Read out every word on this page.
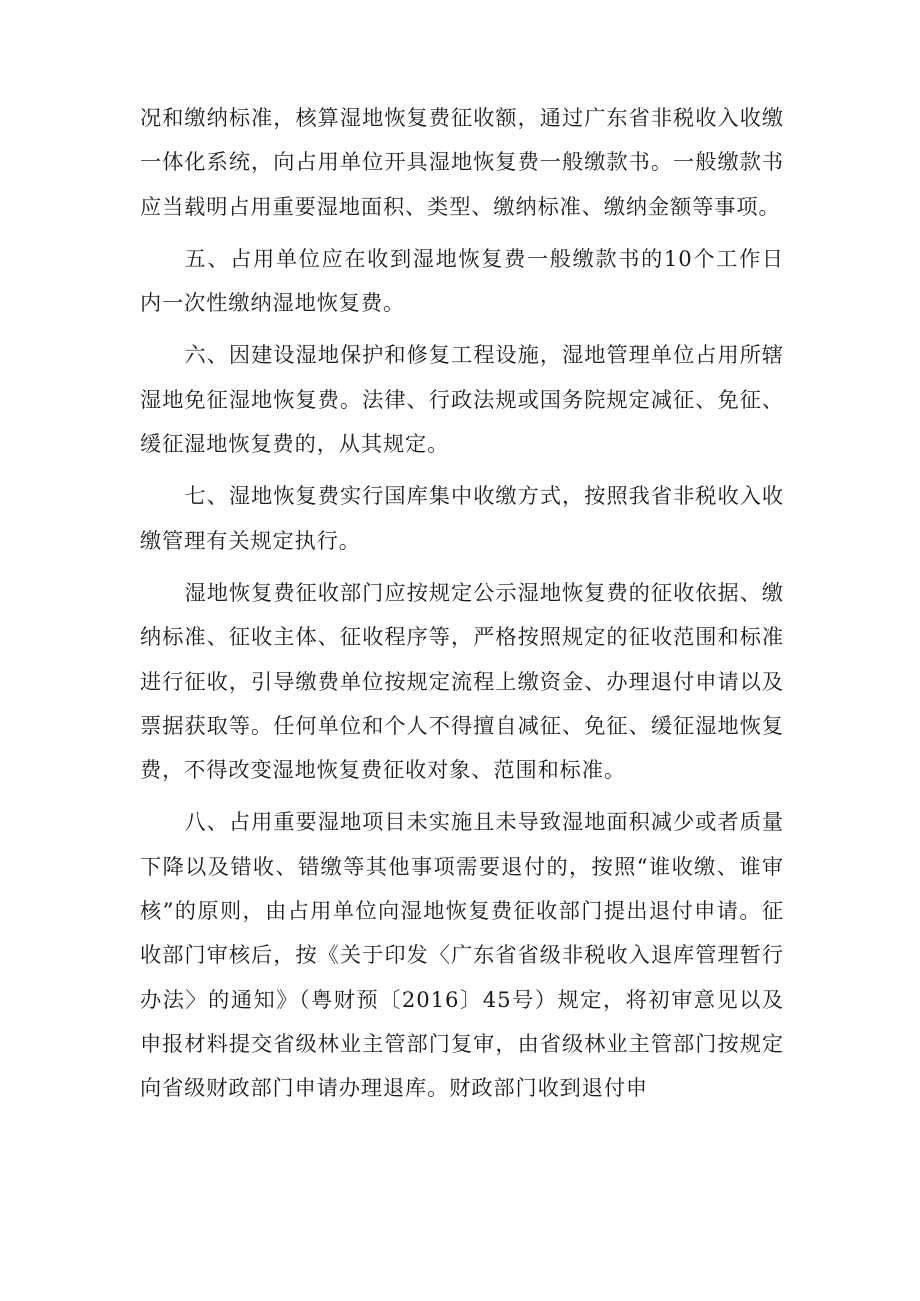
况和缴纳标准，核算湿地恢复费征收额，通过广东省非税收入收缴一体化系统，向占用单位开具湿地恢复费一般缴款书。一般缴款书应当载明占用重要湿地面积、类型、缴纳标准、缴纳金额等事项。

五、占用单位应在收到湿地恢复费一般缴款书的10个工作日内一次性缴纳湿地恢复费。

六、因建设湿地保护和修复工程设施，湿地管理单位占用所辖湿地免征湿地恢复费。法律、行政法规或国务院规定减征、免征、缓征湿地恢复费的，从其规定。

七、湿地恢复费实行国库集中收缴方式，按照我省非税收入收缴管理有关规定执行。

湿地恢复费征收部门应按规定公示湿地恢复费的征收依据、缴纳标准、征收主体、征收程序等，严格按照规定的征收范围和标准进行征收，引导缴费单位按规定流程上缴资金、办理退付申请以及票据获取等。任何单位和个人不得擅自减征、免征、缓征湿地恢复费，不得改变湿地恢复费征收对象、范围和标准。

八、占用重要湿地项目未实施且未导致湿地面积减少或者质量下降以及错收、错缴等其他事项需要退付的，按照“谁收缴、谁审核”的原则，由占用单位向湿地恢复费征收部门提出退付申请。征收部门审核后，按《关于印发〈广东省省级非税收入退库管理暂行办法〉的通知》（粤财预〔2016〕45号）规定，将初审意见以及申报材料提交省级林业主管部门复审，由省级林业主管部门按规定向省级财政部门申请办理退库。财政部门收到退付申
